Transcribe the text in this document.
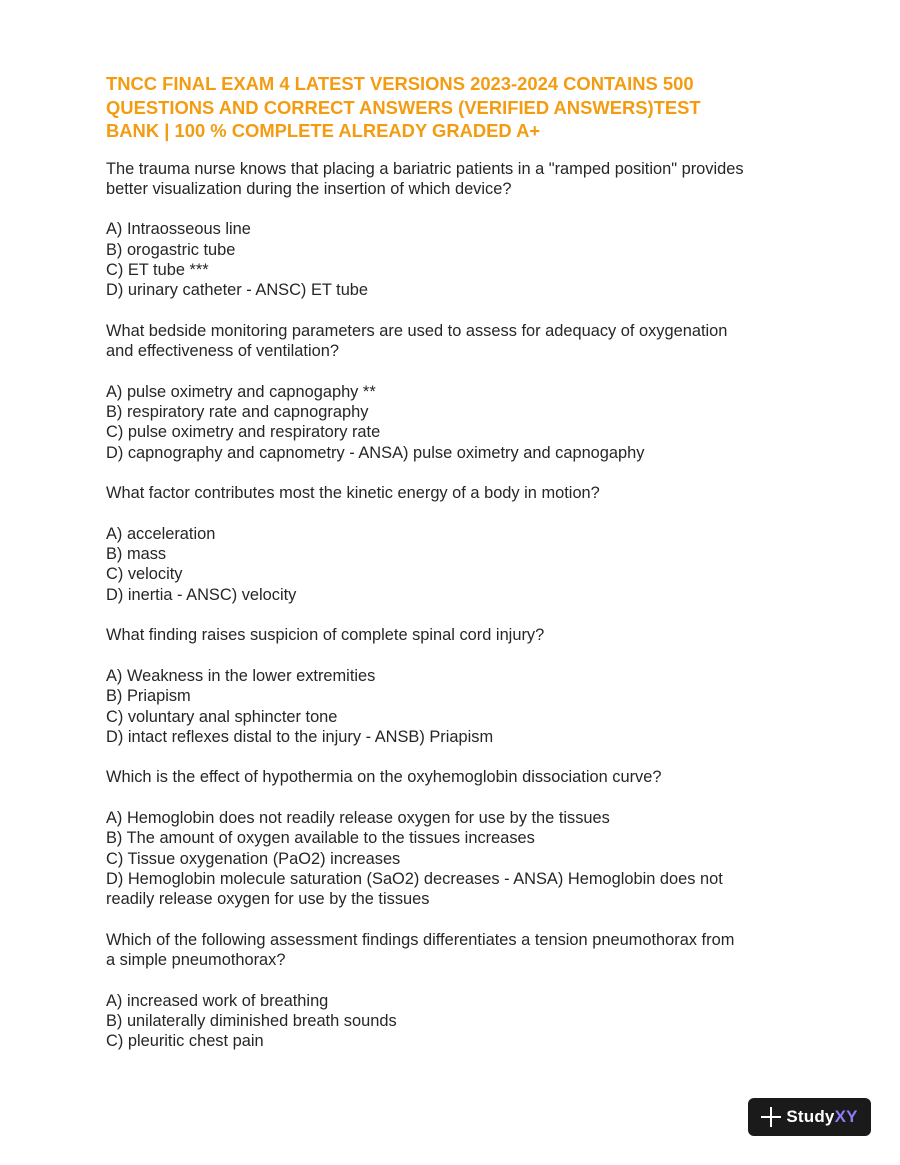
TNCC FINAL EXAM 4 LATEST VERSIONS 2023-2024 CONTAINS 500
QUESTIONS AND CORRECT ANSWERS (VERIFIED ANSWERS)TEST
BANK | 100 % COMPLETE ALREADY GRADED A+
The trauma nurse knows that placing a bariatric patients in a "ramped position" provides
better visualization during the insertion of which device?
A) Intraosseous line
B) orogastric tube
C) ET tube ***
D) urinary catheter - ANSC) ET tube
What bedside monitoring parameters are used to assess for adequacy of oxygenation
and effectiveness of ventilation?
A) pulse oximetry and capnogaphy **
B) respiratory rate and capnography
C) pulse oximetry and respiratory rate
D) capnography and capnometry - ANSA) pulse oximetry and capnogaphy
What factor contributes most the kinetic energy of a body in motion?
A) acceleration
B) mass
C) velocity
D) inertia - ANSC) velocity
What finding raises suspicion of complete spinal cord injury?
A) Weakness in the lower extremities
B) Priapism
C) voluntary anal sphincter tone
D) intact reflexes distal to the injury - ANSB) Priapism
Which is the effect of hypothermia on the oxyhemoglobin dissociation curve?
A) Hemoglobin does not readily release oxygen for use by the tissues
B) The amount of oxygen available to the tissues increases
C) Tissue oxygenation (PaO2) increases
D) Hemoglobin molecule saturation (SaO2) decreases - ANSA) Hemoglobin does not
readily release oxygen for use by the tissues
Which of the following assessment findings differentiates a tension pneumothorax from
a simple pneumothorax?
A) increased work of breathing
B) unilaterally diminished breath sounds
C) pleuritic chest pain
StudyXY
